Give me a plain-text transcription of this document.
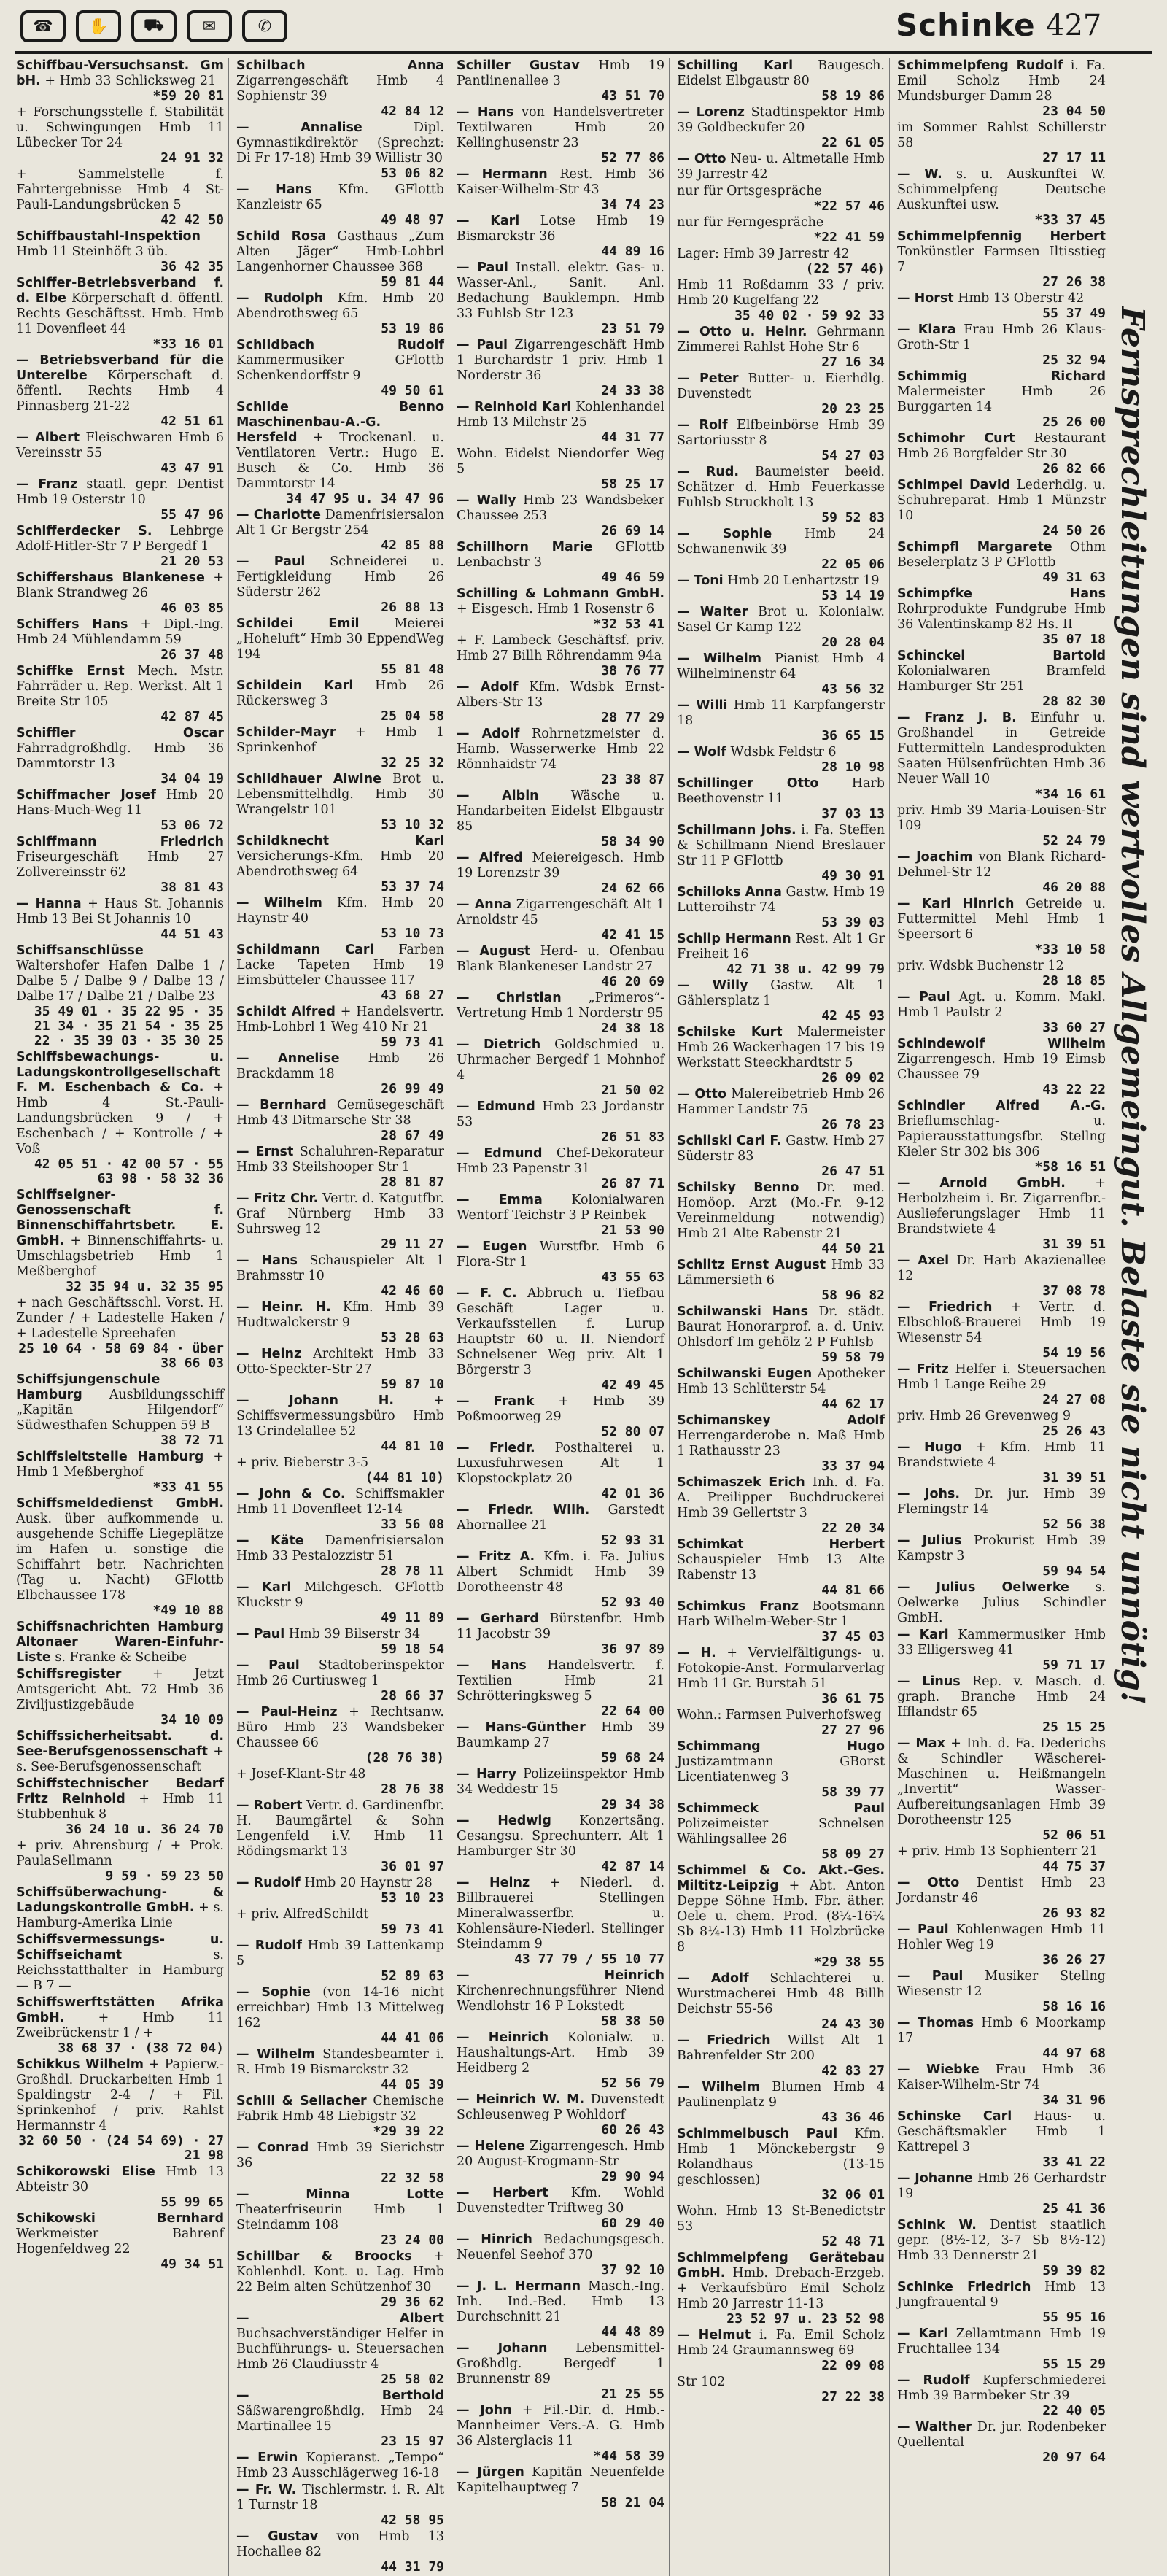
☎	✋	⛟	✉	✆	Schinke 427
Schiffbau-Versuchsanst. Gm bH. + Hmb 33 Schlicksweg 21
*59 20 81
+ Forschungsstelle f. Stabilität u. Schwingungen Hmb 11 Lübecker Tor 24
24 91 32
+ Sammelstelle f. Fahrtergebnisse Hmb 4 St-Pauli-Landungsbrücken 5
42 42 50
Schiffbaustahl-Inspektion Hmb 11 Steinhöft 3 üb.
36 42 35
Schiffer-Betriebsverband f. d. Elbe Körperschaft d. öffentl. Rechts Geschäftsst. Hmb. Hmb 11 Dovenfleet 44
*33 16 01
— Betriebsverband für die Unterelbe Körperschaft d. öffentl. Rechts Hmb 4 Pinnasberg 21-22
42 51 61
— Albert Fleischwaren Hmb 6 Vereinsstr 55
43 47 91
— Franz staatl. gepr. Dentist Hmb 19 Osterstr 10
55 47 96
Schifferdecker S. Lehbrge Adolf-Hitler-Str 7 P Bergedf 1
21 20 53
Schiffershaus Blankenese + Blank Strandweg 26
46 03 85
Schiffers Hans + Dipl.-Ing. Hmb 24 Mühlendamm 59
26 37 48
Schiffke Ernst Mech. Mstr. Fahrräder u. Rep. Werkst. Alt 1 Breite Str 105
42 87 45
Schiffler Oscar Fahrradgroßhdlg. Hmb 36 Dammtorstr 13
34 04 19
Schiffmacher Josef Hmb 20 Hans-Much-Weg 11
53 06 72
Schiffmann Friedrich Friseurgeschäft Hmb 27 Zollvereinsstr 62
38 81 43
— Hanna + Haus St. Johannis Hmb 13 Bei St Johannis 10
44 51 43
Schiffsanschlüsse Waltershofer Hafen Dalbe 1 / Dalbe 5 / Dalbe 9 / Dalbe 13 / Dalbe 17 / Dalbe 21 / Dalbe 23
35 49 01 · 35 22 95 · 35 21 34 · 35 21 54 · 35 25 22 · 35 39 03 · 35 30 25
Schiffsbewachungs- u. Ladungskontrollgesellschaft F. M. Eschenbach & Co. + Hmb 4 St.-Pauli-Landungsbrücken 9 / + Eschenbach / + Kontrolle / + Voß
42 05 51 · 42 00 57 · 55 63 98 · 58 32 36
Schiffseigner-Genossenschaft f. Binnenschiffahrtsbetr. E. GmbH. + Binnenschiffahrts- u. Umschlagsbetrieb Hmb 1 Meßberghof
32 35 94 u. 32 35 95
+ nach Geschäftsschl. Vorst. H. Zunder / + Ladestelle Haken / + Ladestelle Spreehafen
25 10 64 · 58 69 84 · über 38 66 03
Schiffsjungenschule Hamburg Ausbildungsschiff „Kapitän Hilgendorf“ Südwesthafen Schuppen 59 B
38 72 71
Schiffsleitstelle Hamburg + Hmb 1 Meßberghof
*33 41 55
Schiffsmeldedienst GmbH. Ausk. über aufkommende u. ausgehende Schiffe Liegeplätze im Hafen u. sonstige die Schiffahrt betr. Nachrichten (Tag u. Nacht) GFlottb Elbchaussee 178
*49 10 88
Schiffsnachrichten Hamburg Altonaer Waren-Einfuhr-Liste s. Franke & Scheibe
Schiffsregister + Jetzt Amtsgericht Abt. 72 Hmb 36 Ziviljustizgebäude
34 10 09
Schiffssicherheitsabt. d. See-Berufsgenossenschaft + s. See-Berufsgenossenschaft
Schiffstechnischer Bedarf Fritz Reinhold + Hmb 11 Stubbenhuk 8
36 24 10 u. 36 24 70
+ priv. Ahrensburg / + Prok. PaulaSellmann
9 59 · 59 23 50
Schiffsüberwachung- & Ladungskontrolle GmbH. + s. Hamburg-Amerika Linie
Schiffsvermessungs- u. Schiffseichamt	s. Reichsstatthalter in Hamburg — B 7 —
Schiffswerftstätten Afrika GmbH.	+ Hmb 11 Zweibrückenstr 1 / +
38 68 37 · (38 72 04)
Schikkus Wilhelm + Papierw.-Großhdl. Druckarbeiten Hmb 1 Spaldingstr 2-4 / + Fil. Sprinkenhof / priv. Rahlst Hermannstr 4
32 60 50 · (24 54 69) · 27 21 98
Schikorowski Elise Hmb 13 Abteistr 30
55 99 65
Schikowski Bernhard Werkmeister Bahrenf Hogenfeldweg 22
49 34 51
Schilbach Anna Zigarrengeschäft Hmb 4 Sophienstr 39
42 84 12
— Annalise	Dipl. Gymnastikdirektör (Sprechzt: Di Fr 17-18) Hmb 39 Willistr 30
53 06 82
— Hans Kfm. GFlottb Kanzleistr 65
49 48 97
Schild Rosa Gasthaus „Zum Alten Jäger“ Hmb-Lohbrl Langenhorner Chaussee 368
59 81 44
— Rudolph Kfm. Hmb 20 Abendrothsweg 65
53 19 86
Schildbach Rudolf Kammermusiker GFlottb Schenkendorffstr 9
49 50 61
Schilde Benno Maschinenbau-A.-G. Hersfeld + Trockenanl. u. Ventilatoren Vertr.: Hugo E. Busch & Co. Hmb 36 Dammtorstr 14
34 47 95 u. 34 47 96
— Charlotte Damenfrisiersalon Alt 1 Gr Bergstr 254
42 85 88
— Paul Schneiderei u. Fertigkleidung Hmb 26 Süderstr 262
26 88 13
Schildei Emil	Meierei „Hoheluft“ Hmb 30 EppendWeg 194
55 81 48
Schildein Karl Hmb 26 Rückersweg 3
25 04 58
Schilder-Mayr + Hmb 1 Sprinkenhof
32 25 32
Schildhauer Alwine Brot u. Lebensmittelhdlg. Hmb 30 Wrangelstr 101
53 10 32
Schildknecht Karl Versicherungs-Kfm. Hmb 20 Abendrothsweg 64
53 37 74
— Wilhelm Kfm. Hmb 20 Haynstr 40
53 10 73
Schildmann Carl Farben Lacke Tapeten Hmb 19 Eimsbütteler Chaussee 117
43 68 27
Schildt Alfred + Handelsvertr. Hmb-Lohbrl 1 Weg 410 Nr 21
59 73 41
— Annelise Hmb 26 Brackdamm 18
26 99 49
— Bernhard Gemüsegeschäft Hmb 43 Ditmarsche Str 38
28 67 49
— Ernst Schaluhren-Reparatur Hmb 33 Steilshooper Str 1
28 81 87
— Fritz Chr. Vertr. d. Katgutfbr. Graf Nürnberg Hmb 33 Suhrsweg 12
29 11 27
— Hans Schauspieler Alt 1 Brahmsstr 10
42 46 60
— Heinr. H. Kfm. Hmb 39 Hudtwalckerstr 9
53 28 63
— Heinz Architekt Hmb 33 Otto-Speckter-Str 27
59 87 10
— Johann H.	+ Schiffsvermessungsbüro Hmb 13 Grindelallee 52
44 81 10
+ priv. Bieberstr 3-5
(44 81 10)
— John & Co. Schiffsmakler Hmb 11 Dovenfleet 12-14
33 56 08
— Käte Damenfrisiersalon Hmb 33 Pestalozzistr 51
28 78 11
— Karl Milchgesch. GFlottb Kluckstr 9
49 11 89
— Paul Hmb 39 Bilserstr 34
59 18 54
— Paul Stadtoberinspektor Hmb 26 Curtiusweg 1
28 66 37
— Paul-Heinz + Rechtsanw. Büro Hmb 23 Wandsbeker Chaussee 66
(28 76 38)
+ Josef-Klant-Str 48
28 76 38
— Robert Vertr. d. Gardinenfbr. H. Baumgärtel & Sohn Lengenfeld i.V. Hmb 11 Rödingsmarkt 13
36 01 97
— Rudolf Hmb 20 Haynstr 28
53 10 23
+ priv. AlfredSchildt
59 73 41
— Rudolf Hmb 39 Lattenkamp 5
52 89 63
— Sophie (von 14-16 nicht erreichbar) Hmb 13 Mittelweg 162
44 41 06
— Wilhelm Standesbeamter i. R. Hmb 19 Bismarckstr 32
44 05 39
Schill & Seilacher Chemische Fabrik Hmb 48 Liebigstr 32
*29 39 22
— Conrad Hmb 39 Sierichstr 36
22 32 58
— Minna Lotte Theaterfriseurin Hmb 1 Steindamm 108
23 24 00
Schillbar & Broocks + Kohlenhdl. Kont. u. Lag. Hmb 22 Beim alten Schützenhof 30
29 36 62
— Albert Buchsachverständiger Helfer in Buchführungs- u. Steuersachen Hmb 26 Claudiusstr 4
25 58 02
— Berthold Säßwarengroßhdlg. Hmb 24 Martinallee 15
23 15 97
— Erwin Kopieranst. „Tempo“ Hmb 23 Ausschlägerweg 16-18
— Fr. W. Tischlermstr. i. R. Alt 1 Turnstr 18
42 58 95
— Gustav von Hmb 13 Hochallee 82
44 31 79
Schiller Gustav Hmb 19 Pantlinenallee 3
43 51 70
— Hans von Handelsvertreter Textilwaren Hmb 20 Kellinghusenstr 23
52 77 86
— Hermann Rest. Hmb 36 Kaiser-Wilhelm-Str 43
34 74 23
— Karl Lotse Hmb 19 Bismarckstr 36
44 89 16
— Paul Install. elektr. Gas- u. Wasser-Anl., Sanit. Anl. Bedachung Bauklempn. Hmb 33 Fuhlsb Str 123
23 51 79
— Paul Zigarrengeschäft Hmb 1 Burchardstr 1 priv. Hmb 1 Norderstr 36
24 33 38
— Reinhold Karl Kohlenhandel Hmb 13 Milchstr 25
44 31 77
Wohn. Eidelst Niendorfer Weg 5
58 25 17
— Wally Hmb 23 Wandsbeker Chaussee 253
26 69 14
Schillhorn Marie GFlottb Lenbachstr 3
49 46 59
Schilling & Lohmann GmbH. + Eisgesch. Hmb 1 Rosenstr 6
*32 53 41
+ F. Lambeck Geschäftsf. priv. Hmb 27 Billh Röhrendamm 94a
38 76 77
— Adolf Kfm. Wdsbk Ernst-Albers-Str 13
28 77 29
— Adolf Rohrnetzmeister d. Hamb. Wasserwerke Hmb 22 Rönnhaidstr 74
23 38 87
— Albin	Wäsche u. Handarbeiten Eidelst Elbgaustr 85
58 34 90
— Alfred Meiereigesch. Hmb 19 Lorenzstr 39
24 62 66
— Anna Zigarrengeschäft Alt 1 Arnoldstr 45
42 41 15
— August Herd- u. Ofenbau Blank Blankeneser Landstr 27
46 20 69
— Christian „Primeros“-Vertretung Hmb 1 Norderstr 95
24 38 18
— Dietrich Goldschmied u. Uhrmacher Bergedf 1 Mohnhof 4
21 50 02
— Edmund Hmb 23 Jordanstr 53
26 51 83
— Edmund Chef-Dekorateur Hmb 23 Papenstr 31
26 87 71
— Emma Kolonialwaren Wentorf Teichstr 3 P Reinbek
21 53 90
— Eugen Wurstfbr. Hmb 6 Flora-Str 1
43 55 63
— F. C. Abbruch u. Tiefbau Geschäft Lager u. Verkaufsstellen f. Lurup Hauptstr 60 u. II. Niendorf Schnelsener Weg priv. Alt 1 Börgerstr 3
42 49 45
— Frank + Hmb 39 Poßmoorweg 29
52 80 07
— Friedr. Posthalterei u. Luxusfuhrwesen Alt 1 Klopstockplatz 20
42 01 36
— Friedr. Wilh. Garstedt Ahornallee 21
52 93 31
— Fritz A. Kfm. i. Fa. Julius Albert Schmidt Hmb 39 Dorotheenstr 48
52 93 40
— Gerhard Bürstenfbr. Hmb 11 Jacobstr 39
36 97 89
— Hans Handelsvertr. f. Textilien Hmb 21 Schrötteringksweg 5
22 64 00
— Hans-Günther Hmb 39 Baumkamp 27
59 68 24
— Harry Polizeiinspektor Hmb 34 Weddestr 15
29 34 38
— Hedwig Konzertsäng. Gesangsu. Sprechunterr. Alt 1 Hamburger Str 30
42 87 14
— Heinz + Niederl. d. Billbrauerei Stellingen Mineralwasserfbr. u. Kohlensäure-Niederl. Stellinger Steindamm 9
43 77 79 / 55 10 77
— Heinrich Kirchenrechnungsführer Niend Wendlohstr 16 P Lokstedt
58 38 50
— Heinrich Kolonialw. u. Haushaltungs-Art. Hmb 39 Heidberg 2
52 56 79
— Heinrich W. M. Duvenstedt Schleusenweg P Wohldorf
60 26 43
— Helene Zigarrengesch. Hmb 20 August-Krogmann-Str
29 90 94
— Herbert Kfm. Wohld Duvenstedter Triftweg 30
60 29 40
— Hinrich Bedachungsgesch. Neuenfel Seehof 370
37 92 10
— J. L. Hermann Masch.-Ing. Inh. Ind.-Bed. Hmb 13 Durchschnitt 21
44 48 89
— Johann Lebensmittel-Großhdlg. Bergedf 1 Brunnenstr 89
21 25 55
— John + Fil.-Dir. d. Hmb.-Mannheimer Vers.-A. G. Hmb 36 Alsterglacis 11
*44 58 39
— Jürgen Kapitän Neuenfelde Kapitelhauptweg 7
58 21 04
Schilling Karl Baugesch. Eidelst Elbgaustr 80
58 19 86
— Lorenz Stadtinspektor Hmb 39 Goldbeckufer 20
22 61 05
— Otto Neu- u. Altmetalle Hmb 39 Jarrestr 42
nur für Ortsgespräche
*22 57 46
nur für Ferngespräche
*22 41 59
Lager: Hmb 39 Jarrestr 42
(22 57 46)
Hmb 11 Roßdamm 33 / priv. Hmb 20 Kugelfang 22
35 40 02 · 59 92 33
— Otto u. Heinr. Gehrmann Zimmerei Rahlst Hohe Str 6
27 16 34
— Peter Butter- u. Eierhdlg. Duvenstedt
20 23 25
— Rolf Elfbeinbörse Hmb 39 Sartoriusstr 8
54 27 03
— Rud. Baumeister beeid. Schätzer d. Hmb Feuerkasse Fuhlsb Struckholt 13
59 52 83
— Sophie	Hmb 24 Schwanenwik 39
22 05 06
— Toni Hmb 20 Lenhartzstr 19
53 14 19
— Walter Brot u. Kolonialw. Sasel Gr Kamp 122
20 28 04
— Wilhelm Pianist Hmb 4 Wilhelminenstr 64
43 56 32
— Willi Hmb 11 Karpfangerstr 18
36 65 15
— Wolf Wdsbk Feldstr 6
28 10 98
Schillinger Otto	Harb Beethovenstr 11
37 03 13
Schillmann Johs. i. Fa. Steffen & Schillmann Niend Breslauer Str 11 P GFlottb
49 30 91
Schilloks Anna Gastw. Hmb 19 Lutteroihstr 74
53 39 03
Schilp Hermann Rest. Alt 1 Gr Freiheit 16
42 71 38 u. 42 99 79
— Willy Gastw. Alt 1 Gählersplatz 1
42 45 93
Schilske Kurt Malermeister Hmb 26 Wackerhagen 17 bis 19 Werkstatt Steeckhardtstr 5
26 09 02
— Otto Malereibetrieb Hmb 26 Hammer Landstr 75
26 78 23
Schilski Carl F. Gastw. Hmb 27 Süderstr 83
26 47 51
Schilsky Benno Dr. med. Homöop. Arzt (Mo.-Fr. 9-12 Vereinmeldung notwendig) Hmb 21 Alte Rabenstr 21
44 50 21
Schiltz Ernst August Hmb 33 Lämmersieth 6
58 96 82
Schilwanski Hans Dr. städt. Baurat Honorarprof. a. d. Univ. Ohlsdorf Im gehölz 2 P Fuhlsb
59 58 79
Schilwanski Eugen Apotheker Hmb 13 Schlüterstr 54
44 62 17
Schimanskey Adolf Herrengarderobe n. Maß Hmb 1 Rathausstr 23
33 37 94
Schimaszek Erich Inh. d. Fa. A. Preilipper Buchdruckerei Hmb 39 Gellertstr 3
22 20 34
Schimkat Herbert Schauspieler Hmb 13 Alte Rabenstr 13
44 81 66
Schimkus Franz Bootsmann Harb Wilhelm-Weber-Str 1
37 45 03
— H. + Vervielfältigungs- u. Fotokopie-Anst. Formularverlag Hmb 11 Gr. Burstah 51
36 61 75
Wohn.: Farmsen Pulverhofsweg
27 27 96
Schimmang Hugo Justizamtmann GBorst Licentiatenweg 3
58 39 77
Schimmeck Paul Polizeimeister Schnelsen Wählingsallee 26
58 09 27
Schimmel & Co. Akt.-Ges. Miltitz-Leipzig + Abt. Anton Deppe Söhne Hmb. Fbr. äther. Oele u. chem. Prod. (8¼-16¼ Sb 8¼-13) Hmb 11 Holzbrücke 8
*29 38 55
— Adolf Schlachterei u. Wurstmacherei Hmb 48 Billh Deichstr 55-56
24 43 30
— Friedrich Willst Alt 1 Bahrenfelder Str 200
42 83 27
— Wilhelm Blumen Hmb 4 Paulinenplatz 9
43 36 46
Schimmelbusch Paul Kfm. Hmb 1 Mönckebergstr 9 Rolandhaus (13-15 geschlossen)
32 06 01
Wohn. Hmb 13 St-Benedictstr 53
52 48 71
Schimmelpfeng Gerätebau GmbH. Hmb. Drebach-Erzgeb. + Verkaufsbüro Emil Scholz Hmb 20 Jarrestr 11-13
23 52 97 u. 23 52 98
— Helmut i. Fa. Emil Scholz Hmb 24 Graumannsweg 69
22 09 08
Str 102
27 22 38
Schimmelpfeng Rudolf i. Fa. Emil Scholz Hmb 24 Mundsburger Damm 28
23 04 50
im Sommer Rahlst Schillerstr 58
27 17 11
— W. s. u. Auskunftei W. Schimmelpfeng Deutsche Auskunftei usw.
*33 37 45
Schimmelpfennig Herbert Tonkünstler Farmsen Iltisstieg 7
27 26 38
— Horst Hmb 13 Oberstr 42
55 37 49
— Klara Frau Hmb 26 Klaus-Groth-Str 1
25 32 94
Schimmig Richard Malermeister Hmb 26 Burggarten 14
25 26 00
Schimohr Curt Restaurant Hmb 26 Borgfelder Str 30
26 82 66
Schimpel David Lederhdlg. u. Schuhreparat. Hmb 1 Münzstr 10
24 50 26
Schimpfl Margarete Othm Beselerplatz 3 P GFlottb
49 31 63
Schimpfke Hans Rohrprodukte Fundgrube Hmb 36 Valentinskamp 82 Hs. II
35 07 18
Schinckel Bartold Kolonialwaren Bramfeld Hamburger Str 251
28 82 30
— Franz J. B. Einfuhr u. Großhandel in Getreide Futtermitteln Landesprodukten Saaten Hülsenfrüchten Hmb 36 Neuer Wall 10
*34 16 61
priv. Hmb 39 Maria-Louisen-Str 109
52 24 79
— Joachim von Blank Richard-Dehmel-Str 12
46 20 88
— Karl Hinrich Getreide u. Futtermittel Mehl Hmb 1 Speersort 6
*33 10 58
priv. Wdsbk Buchenstr 12
28 18 85
— Paul Agt. u. Komm. Makl. Hmb 1 Paulstr 2
33 60 27
Schindewolf Wilhelm Zigarrengesch. Hmb 19 Eimsb Chaussee 79
43 22 22
Schindler Alfred A.-G. Brieflumschlag- u. Papierausstattungsfbr. Stellng Kieler Str 302 bis 306
*58 16 51
— Arnold GmbH. + Herbolzheim i. Br. Zigarrenfbr.-Auslieferungslager Hmb 11 Brandstwiete 4
31 39 51
— Axel Dr. Harb Akazienallee 12
37 08 78
— Friedrich + Vertr. d. Elbschloß-Brauerei Hmb 19 Wiesenstr 54
54 19 56
— Fritz Helfer i. Steuersachen Hmb 1 Lange Reihe 29
24 27 08
priv. Hmb 26 Grevenweg 9
25 26 43
— Hugo + Kfm. Hmb 11 Brandstwiete 4
31 39 51
— Johs. Dr. jur. Hmb 39 Flemingstr 14
52 56 38
— Julius Prokurist Hmb 39 Kampstr 3
59 94 54
— Julius Oelwerke s. Oelwerke Julius Schindler GmbH.
— Karl Kammermusiker Hmb 33 Elligersweg 41
59 71 17
— Linus Rep. v. Masch. d. graph. Branche Hmb 24 Ifflandstr 65
25 15 25
— Max + Inh. d. Fa. Dederichs & Schindler Wäscherei-Maschinen u. Heißmangeln „Invertit“ Wasser-Aufbereitungsanlagen Hmb 39 Dorotheenstr 125
52 06 51
+ priv. Hmb 13 Sophienterr 21
44 75 37
— Otto Dentist Hmb 23 Jordanstr 46
26 93 82
— Paul Kohlenwagen Hmb 11 Hohler Weg 19
36 26 27
— Paul Musiker Stellng Wiesenstr 12
58 16 16
— Thomas Hmb 6 Moorkamp 17
44 97 68
— Wiebke Frau Hmb 36 Kaiser-Wilhelm-Str 74
34 31 96
Schinske Carl Haus- u. Geschäftsmakler Hmb 1 Kattrepel 3
33 41 22
— Johanne Hmb 26 Gerhardstr 19
25 41 36
Schink W. Dentist staatlich gepr. (8½-12, 3-7 Sb 8½-12) Hmb 33 Dennerstr 21
59 39 82
Schinke Friedrich Hmb 13 Jungfrauental 9
55 95 16
— Karl Zellamtmann Hmb 19 Fruchtallee 134
55 15 29
— Rudolf Kupferschmiederei Hmb 39 Barmbeker Str 39
22 40 05
— Walther Dr. jur. Rodenbeker Quellental
20 97 64
Fernsprechleitungen sind wertvolles Allgemeingut. Belaste sie nicht unnötig!
